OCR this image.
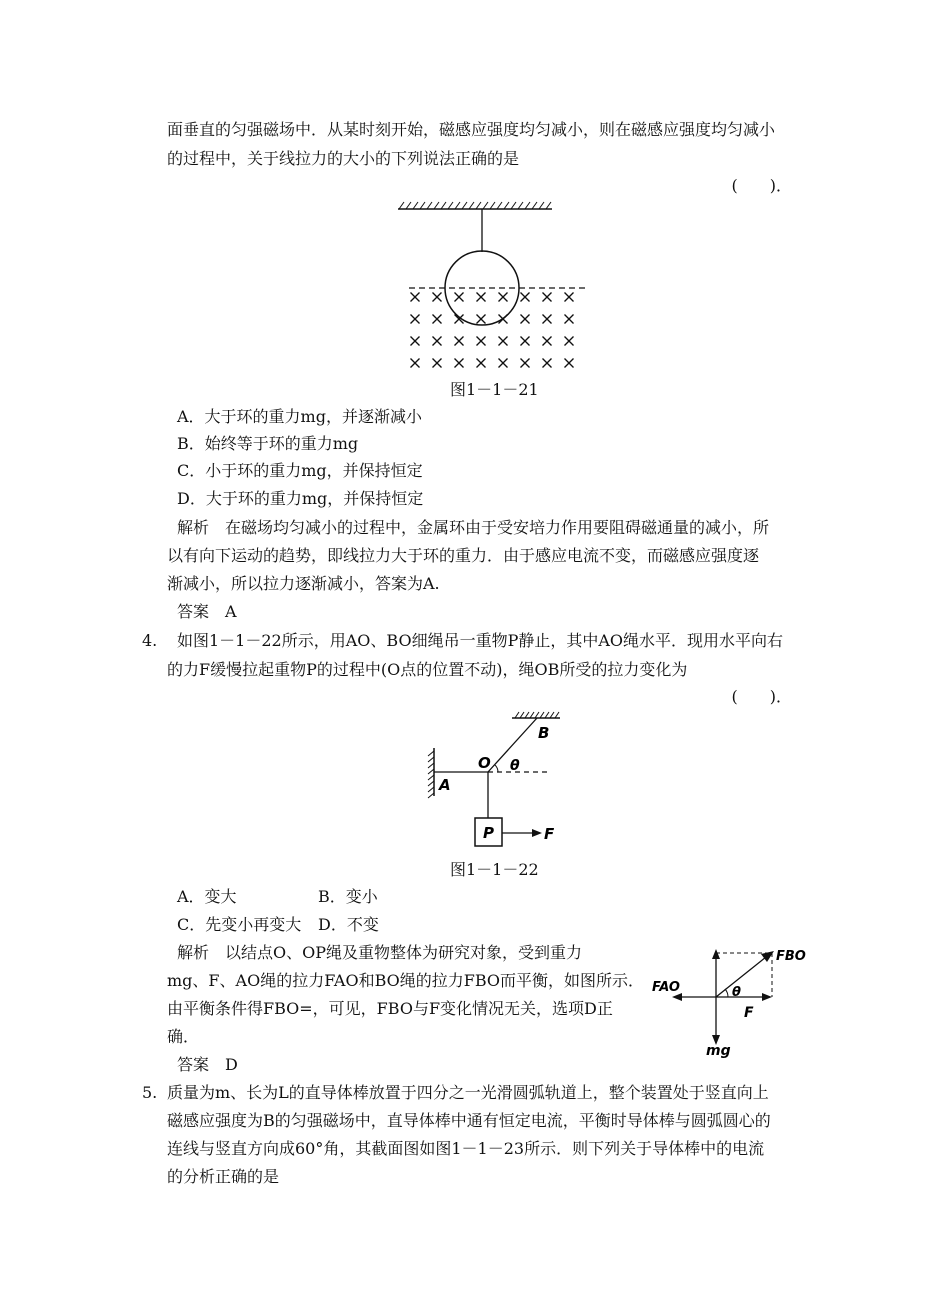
面垂直的匀强磁场中．从某时刻开始，磁感应强度均匀减小，则在磁感应强度均匀减小
的过程中，关于线拉力的大小的下列说法正确的是
(　　)．
图1－1－21
A．大于环的重力mg，并逐渐减小
B．始终等于环的重力mg
C．小于环的重力mg，并保持恒定
D．大于环的重力mg，并保持恒定
解析　在磁场均匀减小的过程中，金属环由于受安培力作用要阻碍磁通量的减小，所
以有向下运动的趋势，即线拉力大于环的重力．由于感应电流不变，而磁感应强度逐
渐减小，所以拉力逐渐减小，答案为A.
答案　A
4. 如图1－1－22所示，用AO、BO细绳吊一重物P静止，其中AO绳水平．现用水平向右
的力F缓慢拉起重物P的过程中(O点的位置不动)，绳OB所受的拉力变化为
(　　)．
B
O θ
A
P	F
图1－1－22
A．变大	B．变小
C．先变小再变大 D．不变
解析　以结点O、OP绳及重物整体为研究对象，受到重力
mg、F、AO绳的拉力FAO和BO绳的拉力FBO而平衡，如图所示．
由平衡条件得FBO=，可见，FBO与F变化情况无关，选项D正
确．
答案　D
FBO
FAO	θ
F
mg
5. 质量为m、长为L的直导体棒放置于四分之一光滑圆弧轨道上，整个装置处于竖直向上
磁感应强度为B的匀强磁场中，直导体棒中通有恒定电流，平衡时导体棒与圆弧圆心的
连线与竖直方向成60°角，其截面图如图1－1－23所示．则下列关于导体棒中的电流
的分析正确的是
